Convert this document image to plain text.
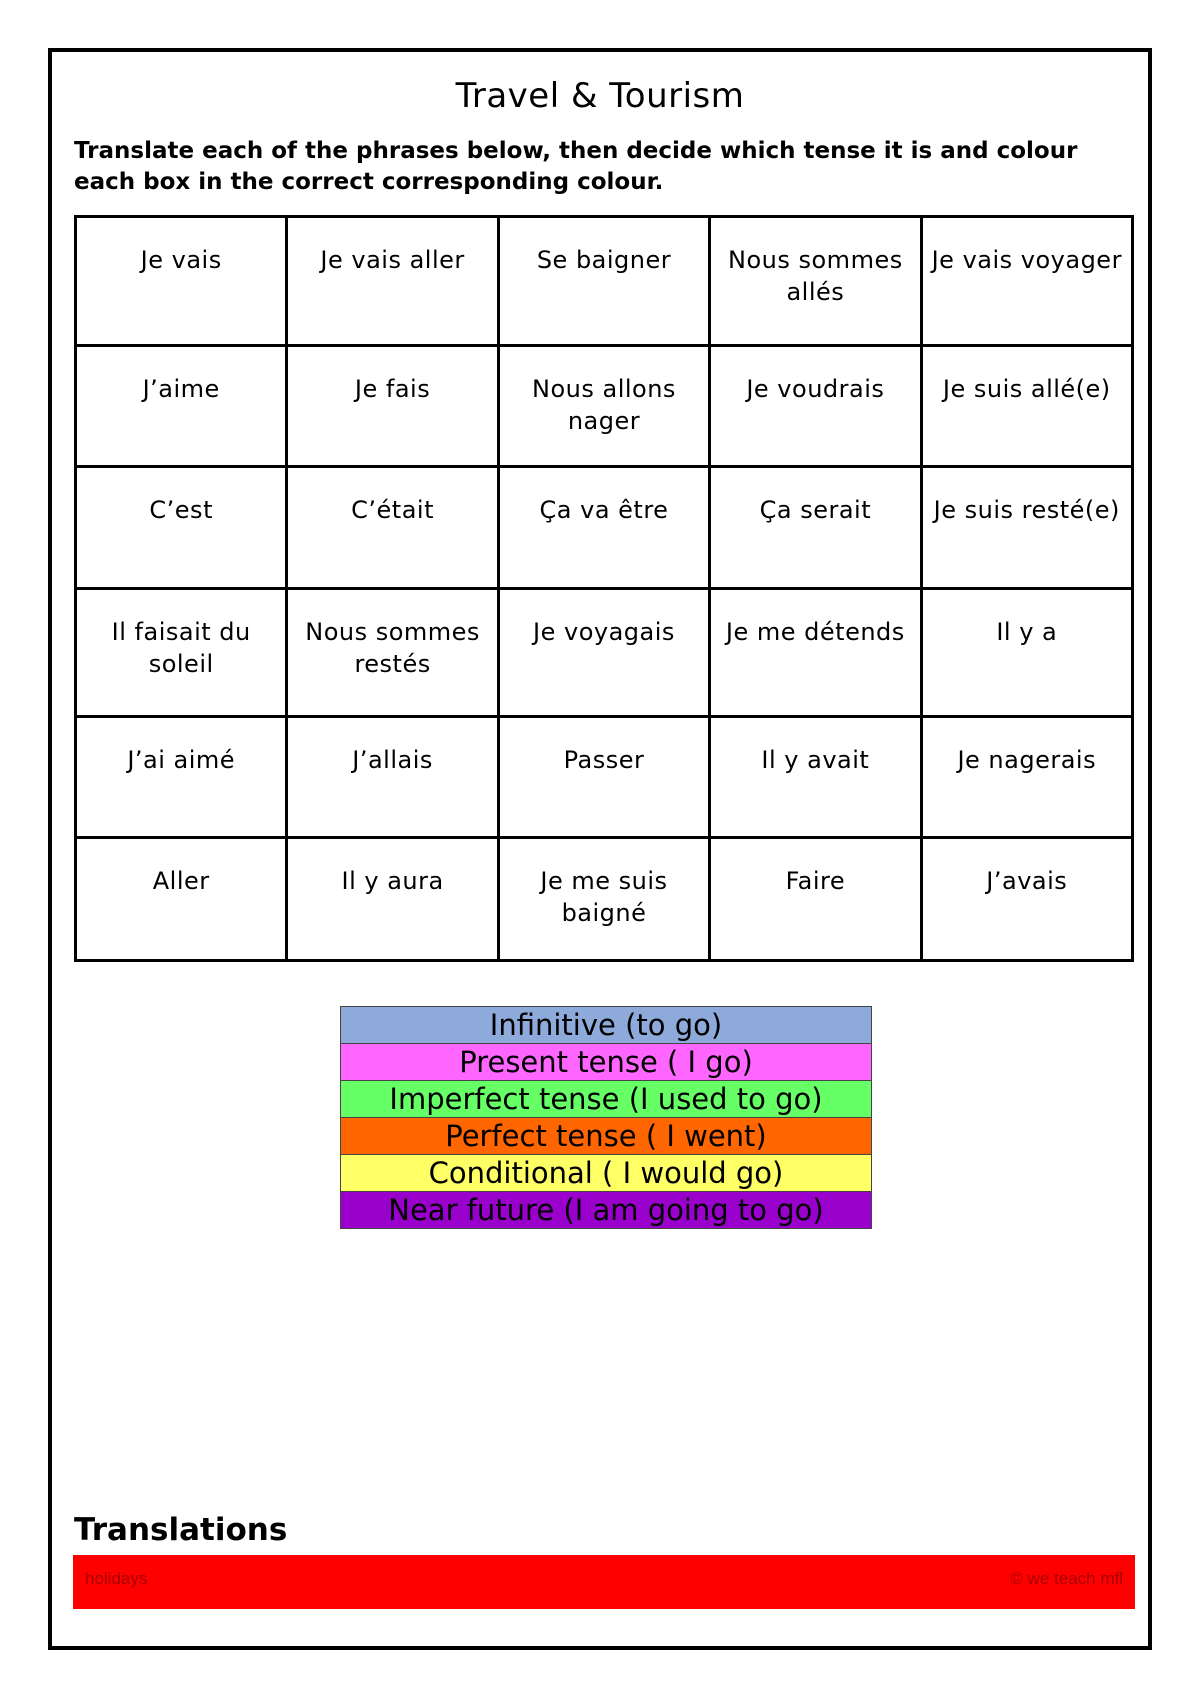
Travel & Tourism
Translate each of the phrases below, then decide which tense it is and colour each box in the correct corresponding colour.
Je vais	Je vais aller	Se baigner	Nous sommes allés	Je vais voyager
J’aime	Je fais	Nous allons nager	Je voudrais	Je suis allé(e)
C’est	C’était	Ça va être	Ça serait	Je suis resté(e)
Il faisait du soleil	Nous sommes restés	Je voyagais	Je me détends	Il y a
J’ai aimé	J’allais	Passer	Il y avait	Je nagerais
Aller	Il y aura	Je me suis baigné	Faire	J’avais
Infinitive (to go)
Present tense ( I go)
Imperfect tense (I used to go)
Perfect tense ( I went)
Conditional ( I would go)
Near future (I am going to go)
Translations
holidays	© we teach mfl
